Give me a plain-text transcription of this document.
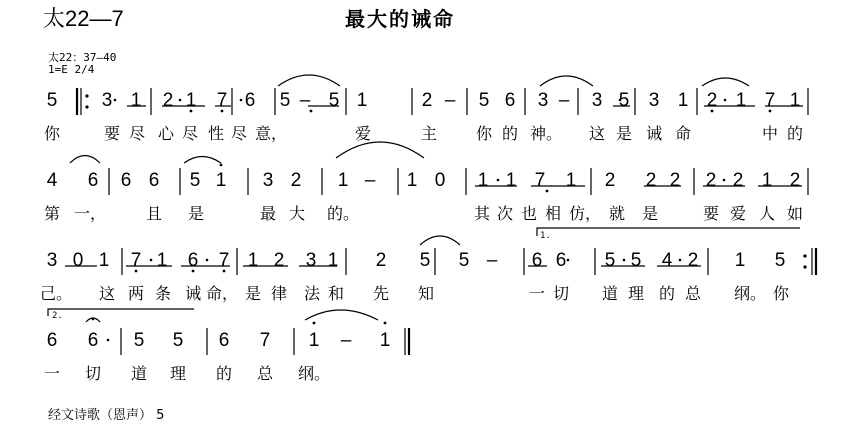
太22—7	最大的诫命
太22：37—40
1=E 2/4
1.
2.
5 3 1 2 1 7 6 5 – 5 1	2 – 5 6 3 – 3 5 3 1 2 1 7 1
你	要 尽 心 尽 性 尽 意，	爱	主 你 的 神。 这 是 诫 命	中 的
4 6 6 6 5 1 3 2 1 – 1 0 1 1 7 1 2 2 2 2 2 1 2
第 一， 且 是	最 大 的。	其 次 也 相 仿， 就 是	要 爱 人 如
3 0 1 7 1 6 7 1 2 3 1 2 5 5 – 6 6 5 5 4 2 1 5
己。 这 两 条 诫 命， 是 律 法 和 先 知	一 切 道 理 的 总 纲。 你
6 6 5 5 6 7 1 – 1
一 切 道 理 的 总 纲。
经文诗歌（恩声） 5
